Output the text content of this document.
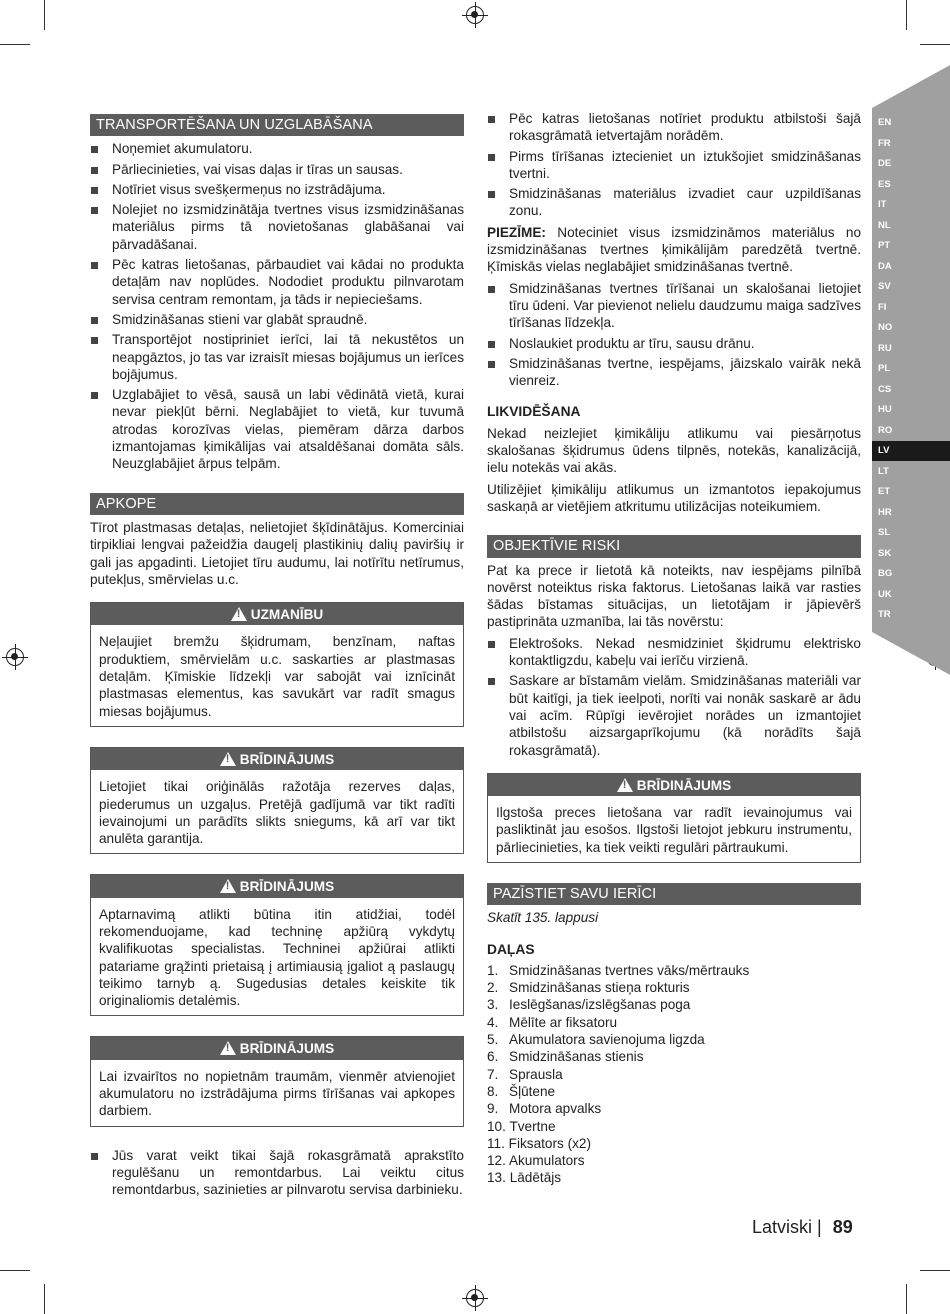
TRANSPORTĒŠANA UN UZGLABĀŠANA
Noņemiet akumulatoru.
Pārliecinieties, vai visas daļas ir tīras un sausas.
Notīriet visus svešķermeņus no izstrādājuma.
Nolejiet no izsmidzinātāja tvertnes visus izsmidzināšanas materiālus pirms tā novietošanas glabāšanai vai pārvadāšanai.
Pēc katras lietošanas, pārbaudiet vai kādai no produkta detaļām nav noplūdes. Nododiet produktu pilnvarotam servisa centram remontam, ja tāds ir nepieciešams.
Smidzināšanas stieni var glabāt spraudnē.
Transportējot nostipriniet ierīci, lai tā nekustētos un neapgāztos, jo tas var izraisīt miesas bojājumus un ierīces bojājumus.
Uzglabājiet to vēsā, sausā un labi vēdinātā vietā, kurai nevar piekļūt bērni. Neglabājiet to vietā, kur tuvumā atrodas korozīvas vielas, piemēram dārza darbos izmantojamas ķimikālijas vai atsaldēšanai domāta sāls. Neuzglabājiet ārpus telpām.
APKOPE

Tīrot plastmasas detaļas, nelietojiet šķīdinātājus. Komerciniai tirpikliai lengvai pažeidžia daugelį plastikinių dalių paviršių ir gali jas apgadinti. Lietojiet tīru audumu, lai notīrītu netīrumus, putekļus, smērvielas u.c.

! UZMANĪBU
Neļaujiet bremžu šķidrumam, benzīnam, naftas produktiem, smērvielām u.c. saskarties ar plastmasas detaļām. Ķīmiskie līdzekļi var sabojāt vai iznīcināt plastmasas elementus, kas savukārt var radīt smagus miesas bojājumus.
! BRĪDINĀJUMS
Lietojiet tikai oriģinālās ražotāja rezerves daļas, piederumus un uzgaļus. Pretējā gadījumā var tikt radīti ievainojumi un parādīts slikts sniegums, kā arī var tikt anulēta garantija.
! BRĪDINĀJUMS
Aptarnavimą atlikti būtina itin atidžiai, todėl rekomenduojame, kad techninę apžiūrą vykdytų kvalifikuotas specialistas. Techninei apžiūrai atlikti patariame grąžinti prietaisą į artimiausią įgaliot ą paslaugų teikimo tarnyb ą. Sugedusias detales keiskite tik originaliomis detalėmis.
! BRĪDINĀJUMS
Lai izvairītos no nopietnām traumām, vienmēr atvienojiet akumulatoru no izstrādājuma pirms tīrīšanas vai apkopes darbiem.
Jūs varat veikt tikai šajā rokasgrāmatā aprakstīto regulēšanu un remontdarbus. Lai veiktu citus remontdarbus, sazinieties ar pilnvarotu servisa darbinieku.
Pēc katras lietošanas notīriet produktu atbilstoši šajā rokasgrāmatā ietvertajām norādēm.
Pirms tīrīšanas iztecieniet un iztukšojiet smidzināšanas tvertni.
Smidzināšanas materiālus izvadiet caur uzpildīšanas zonu.

PIEZĪME: Noteciniet visus izsmidzināmos materiālus no izsmidzināšanas tvertnes ķimikālijām paredzētā tvertnē. Ķīmiskās vielas neglabājiet smidzināšanas tvertnē.

Smidzināšanas tvertnes tīrīšanai un skalošanai lietojiet tīru ūdeni. Var pievienot nelielu daudzumu maiga sadzīves tīrīšanas līdzekļa.
Noslaukiet produktu ar tīru, sausu drānu.
Smidzināšanas tvertne, iespējams, jāizskalo vairāk nekā vienreiz.
LIKVIDĒŠANA

Nekad neizlejiet ķimikāliju atlikumu vai piesārņotus skalošanas šķidrumus ūdens tilpnēs, notekās, kanalizācijā, ielu notekās vai akās.

Utilizējiet ķimikāliju atlikumus un izmantotos iepakojumus saskaņā ar vietējiem atkritumu utilizācijas noteikumiem.

OBJEKTĪVIE RISKI

Pat ka prece ir lietotā kā noteikts, nav iespējams pilnībā novērst noteiktus riska faktorus. Lietošanas laikā var rasties šādas bīstamas situācijas, un lietotājam ir jāpievērš pastiprināta uzmanība, lai tās novērstu:

Elektrošoks. Nekad nesmidziniet šķidrumu elektrisko kontaktligzdu, kabeļu vai ierīču virzienā.
Saskare ar bīstamām vielām. Smidzināšanas materiāli var būt kaitīgi, ja tiek ieelpoti, norīti vai nonāk saskarē ar ādu vai acīm. Rūpīgi ievērojiet norādes un izmantojiet atbilstošu aizsargaprīkojumu (kā norādīts šajā rokasgrāmatā).
! BRĪDINĀJUMS
Ilgstoša preces lietošana var radīt ievainojumus vai pasliktināt jau esošos. Ilgstoši lietojot jebkuru instrumentu, pārliecinieties, ka tiek veikti regulāri pārtraukumi.
PAZĪSTIET SAVU IERĪCI

Skatīt 135. lappusi

DAĻAS
1. Smidzināšanas tvertnes vāks/mērtrauks
2. Smidzināšanas stieņa rokturis
3. Ieslēgšanas/izslēgšanas poga
4. Mēlīte ar fiksatoru
5. Akumulatora savienojuma ligzda
6. Smidzināšanas stienis
7. Sprausla
8. Šļūtene
9. Motora apvalks
10. Tvertne
11. Fiksators (x2)
12. Akumulators
13. Lādētājs
EN
FR
DE
ES
IT
NL
PT
DA
SV
FI
NO
RU
PL
CS
HU
RO
LV
LT
ET
HR
SL
SK
BG
UK
TR
Latviski | 89
